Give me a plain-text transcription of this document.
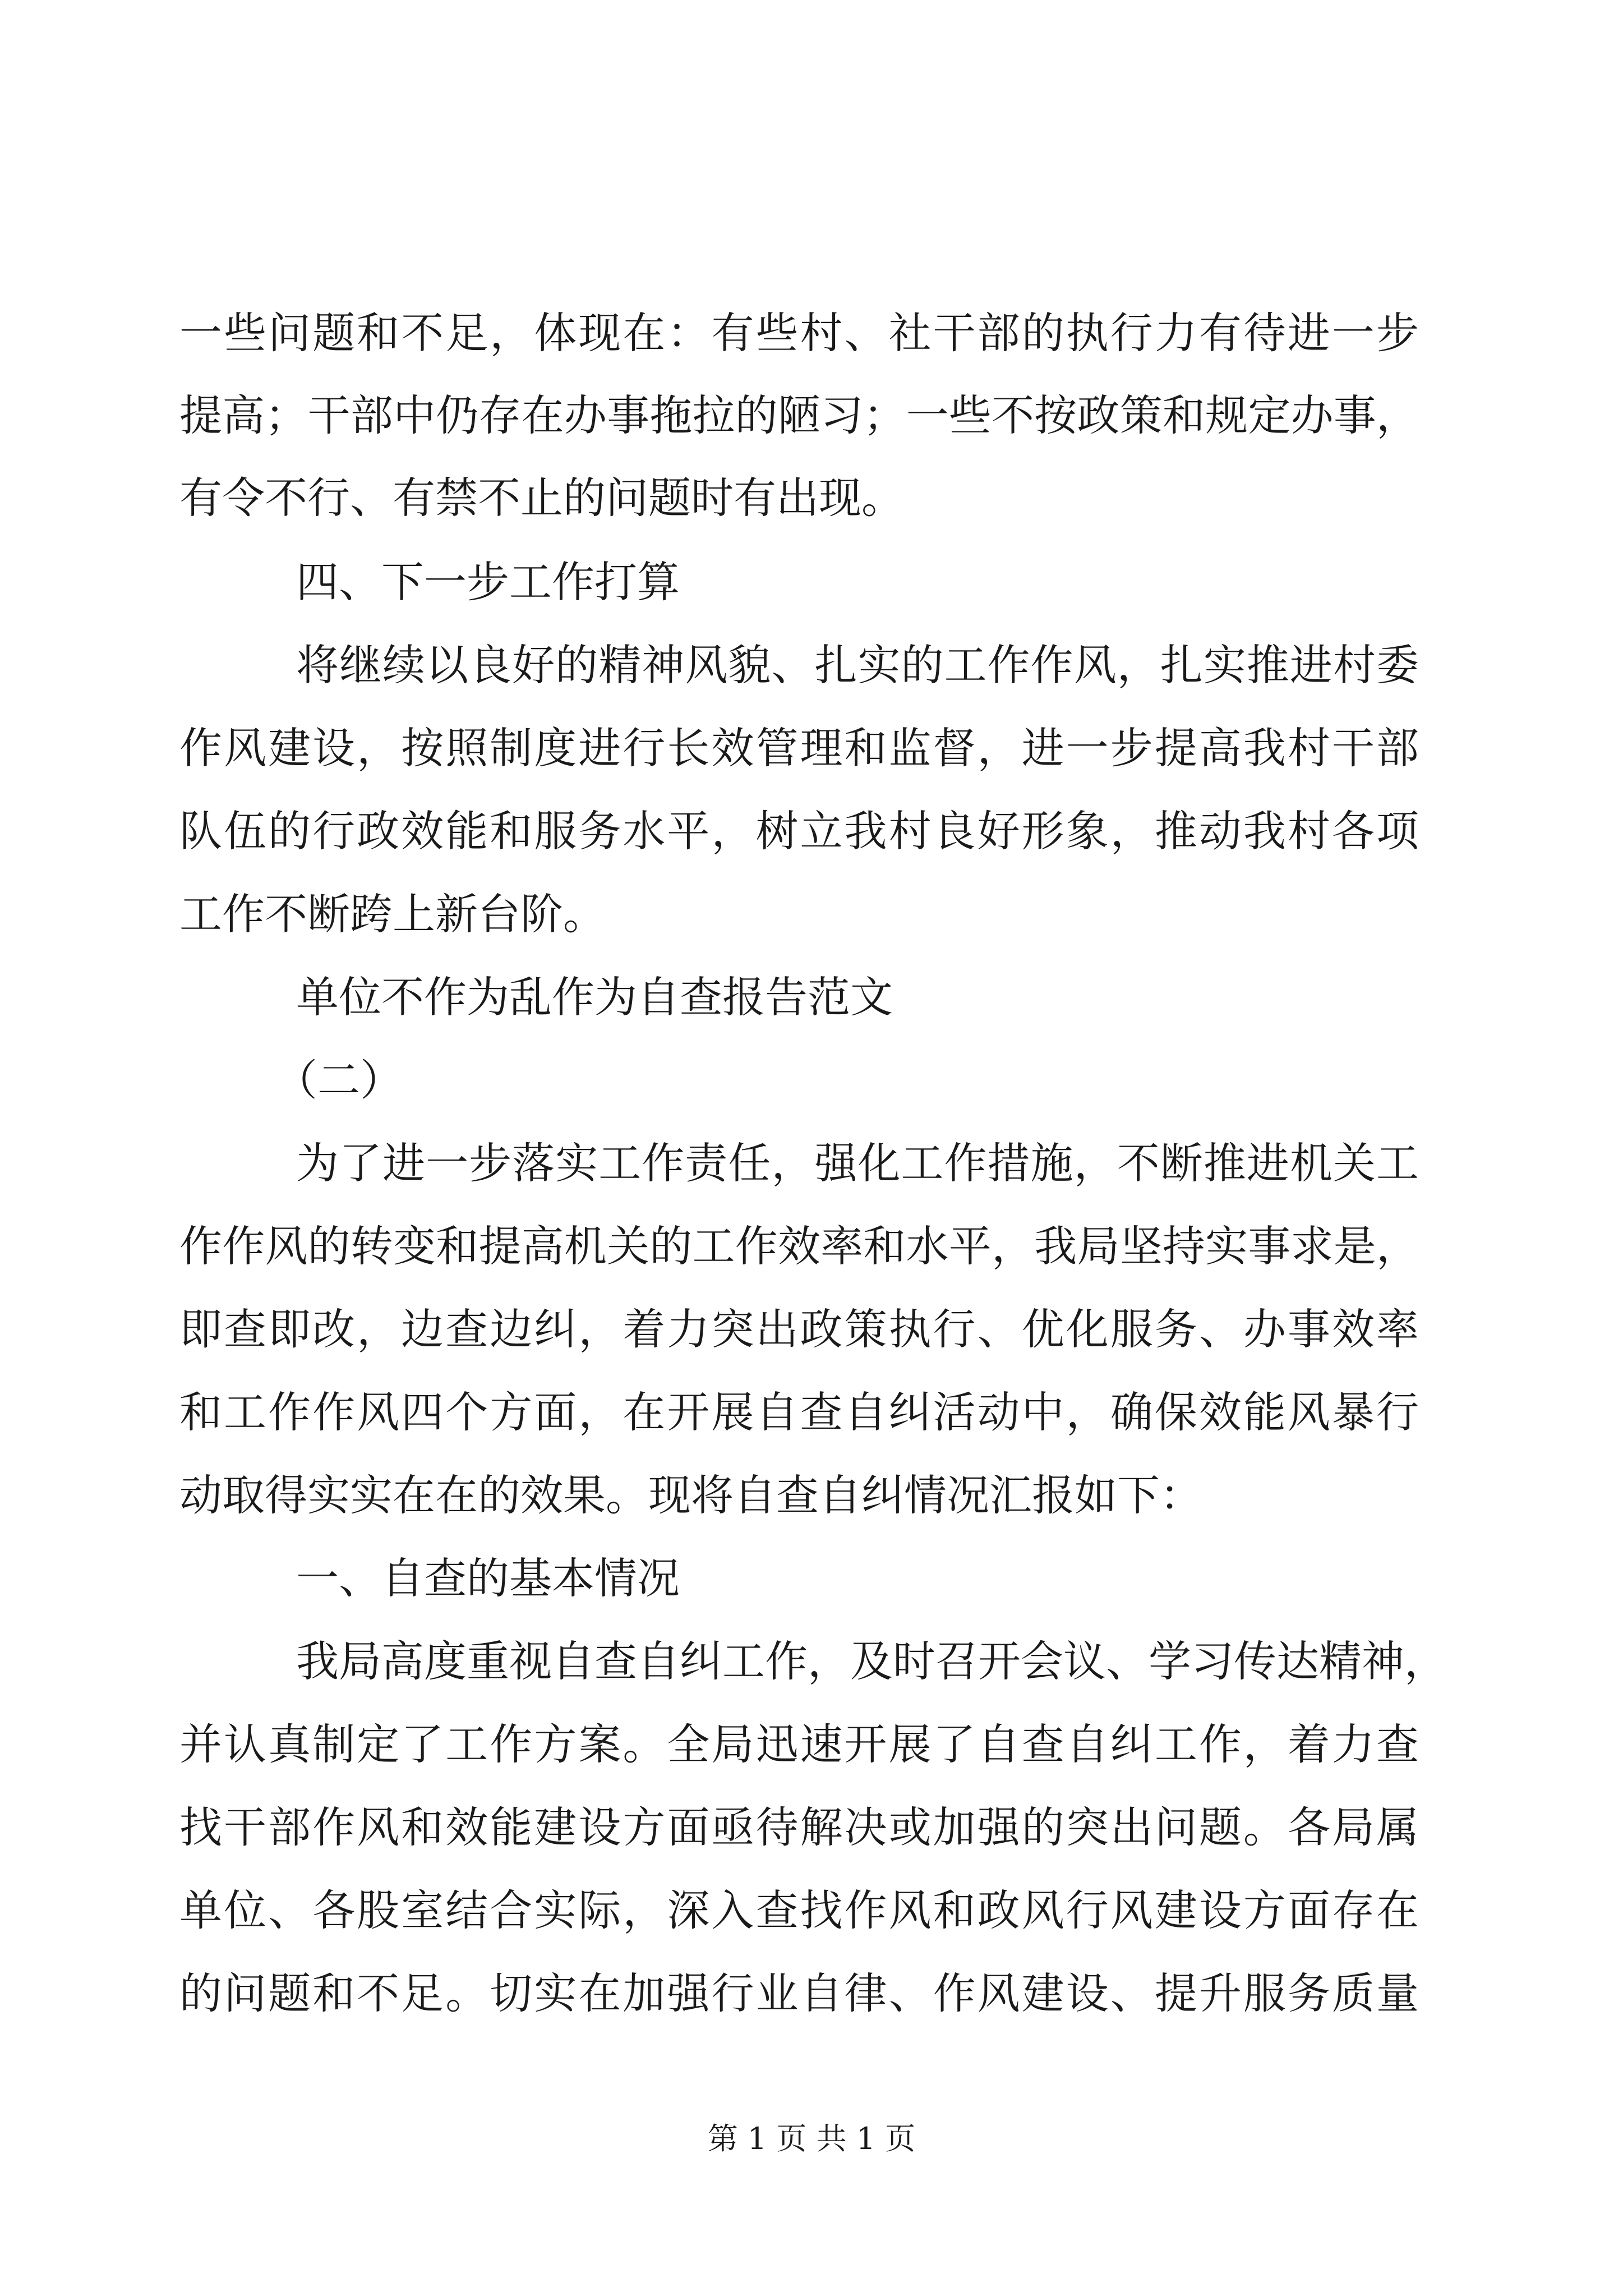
一些问题和不足，体现在：有些村、社干部的执行力有待进一步
提高；干部中仍存在办事拖拉的陋习；一些不按政策和规定办事，
有令不行、有禁不止的问题时有出现。
四、下一步工作打算
将继续以良好的精神风貌、扎实的工作作风，扎实推进村委
作风建设，按照制度进行长效管理和监督，进一步提高我村干部
队伍的行政效能和服务水平，树立我村良好形象，推动我村各项
工作不断跨上新台阶。
单位不作为乱作为自查报告范文
（二）
为了进一步落实工作责任，强化工作措施，不断推进机关工
作作风的转变和提高机关的工作效率和水平，我局坚持实事求是，
即查即改，边查边纠，着力突出政策执行、优化服务、办事效率
和工作作风四个方面，在开展自查自纠活动中，确保效能风暴行
动取得实实在在的效果。现将自查自纠情况汇报如下：
一、自查的基本情况
我局高度重视自查自纠工作，及时召开会议、学习传达精神，
并认真制定了工作方案。全局迅速开展了自查自纠工作，着力查
找干部作风和效能建设方面亟待解决或加强的突出问题。各局属
单位、各股室结合实际，深入查找作风和政风行风建设方面存在
的问题和不足。切实在加强行业自律、作风建设、提升服务质量
第 1 页 共 1 页
